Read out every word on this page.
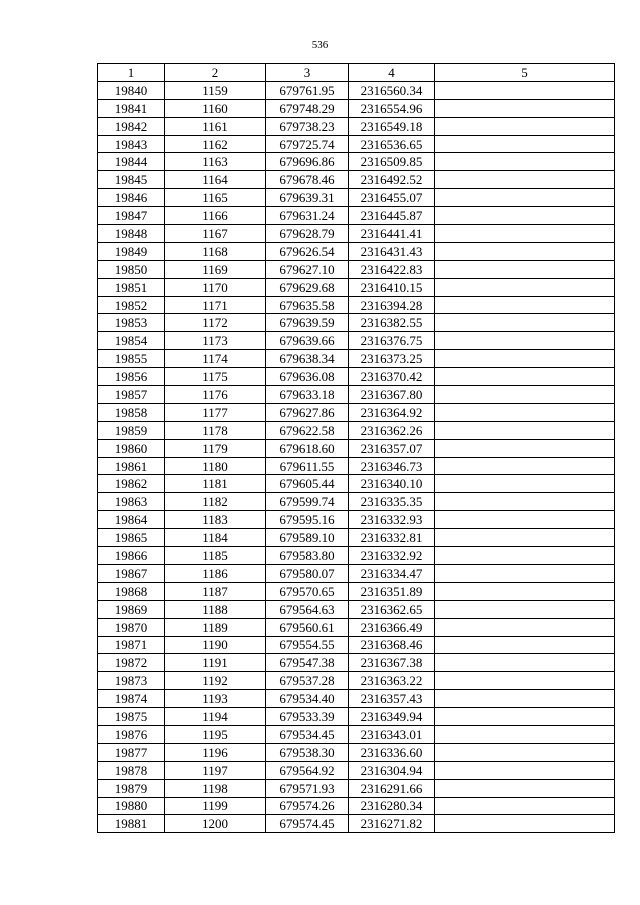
536
1	2	3	4	5
19840	1159	679761.95	2316560.34	
19841	1160	679748.29	2316554.96	
19842	1161	679738.23	2316549.18	
19843	1162	679725.74	2316536.65	
19844	1163	679696.86	2316509.85	
19845	1164	679678.46	2316492.52	
19846	1165	679639.31	2316455.07	
19847	1166	679631.24	2316445.87	
19848	1167	679628.79	2316441.41	
19849	1168	679626.54	2316431.43	
19850	1169	679627.10	2316422.83	
19851	1170	679629.68	2316410.15	
19852	1171	679635.58	2316394.28	
19853	1172	679639.59	2316382.55	
19854	1173	679639.66	2316376.75	
19855	1174	679638.34	2316373.25	
19856	1175	679636.08	2316370.42	
19857	1176	679633.18	2316367.80	
19858	1177	679627.86	2316364.92	
19859	1178	679622.58	2316362.26	
19860	1179	679618.60	2316357.07	
19861	1180	679611.55	2316346.73	
19862	1181	679605.44	2316340.10	
19863	1182	679599.74	2316335.35	
19864	1183	679595.16	2316332.93	
19865	1184	679589.10	2316332.81	
19866	1185	679583.80	2316332.92	
19867	1186	679580.07	2316334.47	
19868	1187	679570.65	2316351.89	
19869	1188	679564.63	2316362.65	
19870	1189	679560.61	2316366.49	
19871	1190	679554.55	2316368.46	
19872	1191	679547.38	2316367.38	
19873	1192	679537.28	2316363.22	
19874	1193	679534.40	2316357.43	
19875	1194	679533.39	2316349.94	
19876	1195	679534.45	2316343.01	
19877	1196	679538.30	2316336.60	
19878	1197	679564.92	2316304.94	
19879	1198	679571.93	2316291.66	
19880	1199	679574.26	2316280.34	
19881	1200	679574.45	2316271.82	
